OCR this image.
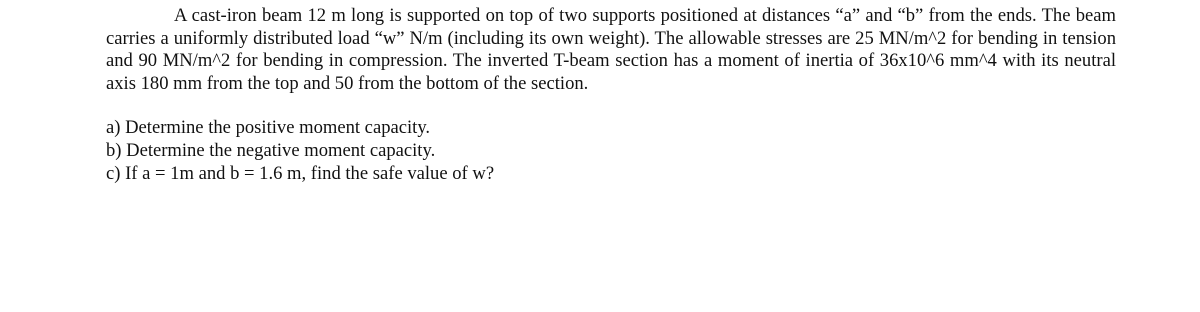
A cast-iron beam 12 m long is supported on top of two supports positioned at distances “a” and “b” from the ends. The beam carries a uniformly distributed load “w” N/m (including its own weight). The allowable stresses are 25 MN/m^2 for bending in tension and 90 MN/m^2 for bending in compression. The inverted T-beam section has a moment of inertia of 36x10^6 mm^4 with its neutral axis 180 mm from the top and 50 from the bottom of the section.

a) Determine the positive moment capacity.
b) Determine the negative moment capacity.
c) If a = 1m and b = 1.6 m, find the safe value of w?
